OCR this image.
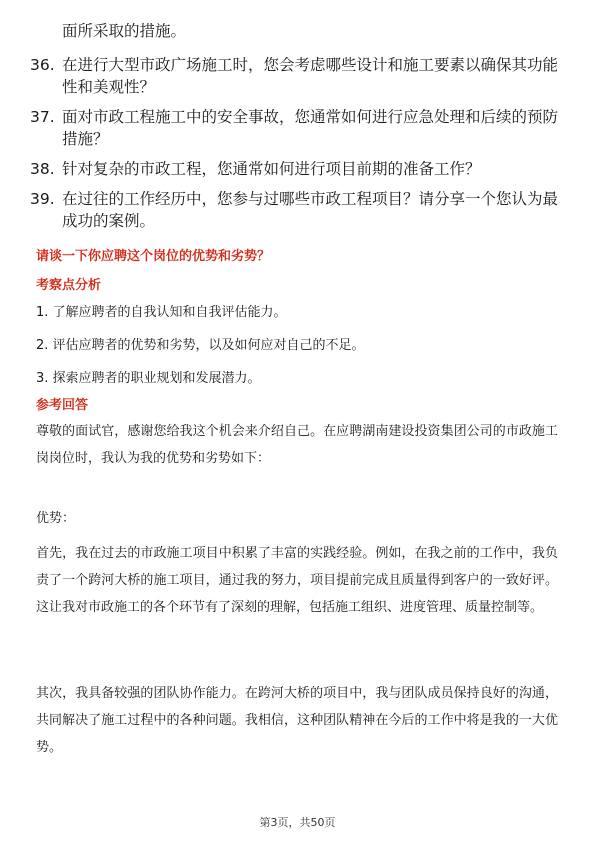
面所采取的措施。
36. 在进行大型市政广场施工时，您会考虑哪些设计和施工要素以确保其功能性和美观性？
37. 面对市政工程施工中的安全事故，您通常如何进行应急处理和后续的预防措施？
38. 针对复杂的市政工程，您通常如何进行项目前期的准备工作？
39. 在过往的工作经历中，您参与过哪些市政工程项目？请分享一个您认为最成功的案例。
请谈一下你应聘这个岗位的优势和劣势？
考察点分析
1. 了解应聘者的自我认知和自我评估能力。
2. 评估应聘者的优势和劣势，以及如何应对自己的不足。
3. 探索应聘者的职业规划和发展潜力。
参考回答
尊敬的面试官，感谢您给我这个机会来介绍自己。在应聘湖南建设投资集团公司的市政施工岗岗位时，我认为我的优势和劣势如下：
优势：
首先，我在过去的市政施工项目中积累了丰富的实践经验。例如，在我之前的工作中，我负责了一个跨河大桥的施工项目，通过我的努力，项目提前完成且质量得到客户的一致好评。这让我对市政施工的各个环节有了深刻的理解，包括施工组织、进度管理、质量控制等。
其次，我具备较强的团队协作能力。在跨河大桥的项目中，我与团队成员保持良好的沟通，共同解决了施工过程中的各种问题。我相信，这种团队精神在今后的工作中将是我的一大优势。
第3页，共50页
